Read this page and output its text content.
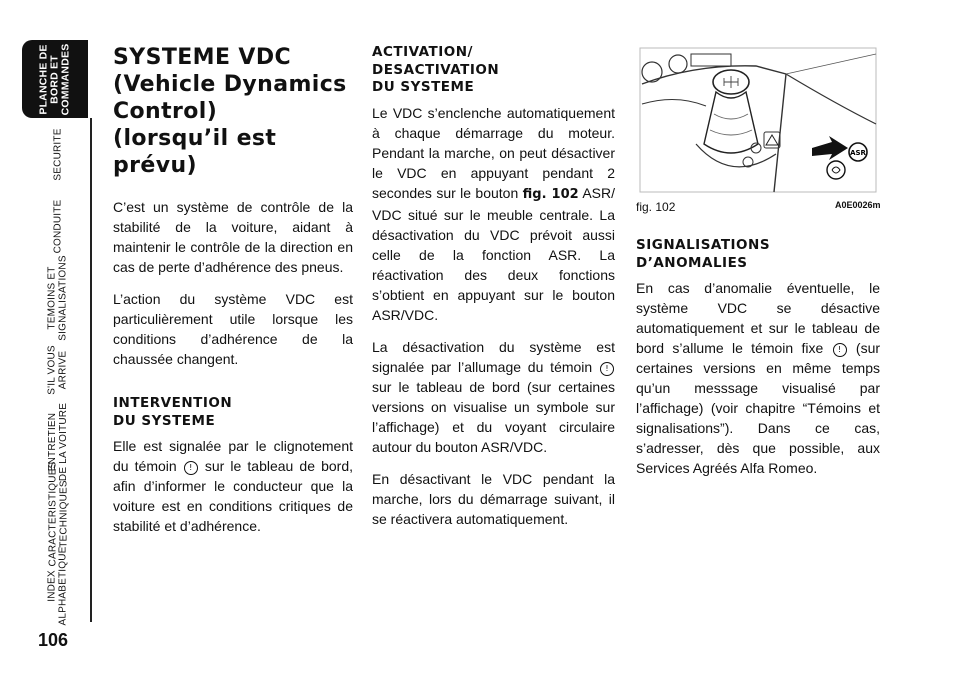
PLANCHE DE
BORD ET
COMMANDES
SECURITE
CONDUITE
TEMOINS ET
SIGNALISATIONS
S'IL VOUS
ARRIVE
ENTRETIEN
DE LA VOITURE
CARACTERISTIQUES
TECHNIQUES
INDEX
ALPHABETIQUE
106
SYSTEME VDC
(Vehicle Dynamics
Control)
(lorsqu’il est prévu)

C’est un système de contrôle de la stabilité de la voiture, aidant à maintenir le contrôle de la direction en cas de perte d’adhérence des pneus.

L’action du système VDC est particulièrement utile lorsque les conditions d’adhérence de la chaussée changent.

INTERVENTION
DU SYSTEME

Elle est signalée par le clignotement du témoin ! sur le tableau de bord, afin d’informer le conducteur que la voiture est en conditions critiques de stabilité et d’adhérence.

ACTIVATION/
DESACTIVATION
DU SYSTEME

Le VDC s’enclenche automatiquement à chaque démarrage du moteur. Pendant la marche, on peut désactiver le VDC en appuyant pendant 2 secondes sur le bouton fig. 102 ASR/ VDC situé sur le meuble centrale. La désactivation du VDC prévoit aussi celle de la fonction ASR. La réactivation des deux fonctions s’obtient en appuyant sur le bouton ASR/VDC.

La désactivation du système est signalée par l’allumage du témoin ! sur le tableau de bord (sur certaines versions on visualise un symbole sur l’affichage) et du voyant circulaire autour du bouton ASR/VDC.

En désactivant le VDC pendant la marche, lors du démarrage suivant, il se réactivera automatiquement.

ASR
fig. 102	A0E0026m
SIGNALISATIONS
D’ANOMALIES

En cas d’anomalie éventuelle, le système VDC se désactive automatiquement et sur le tableau de bord s’allume le témoin fixe ! (sur certaines versions en même temps qu’un messsage visualisé par l’affichage) (voir chapitre “Témoins et signalisations”). Dans ce cas, s’adresser, dès que possible, aux Services Agréés Alfa Romeo.
